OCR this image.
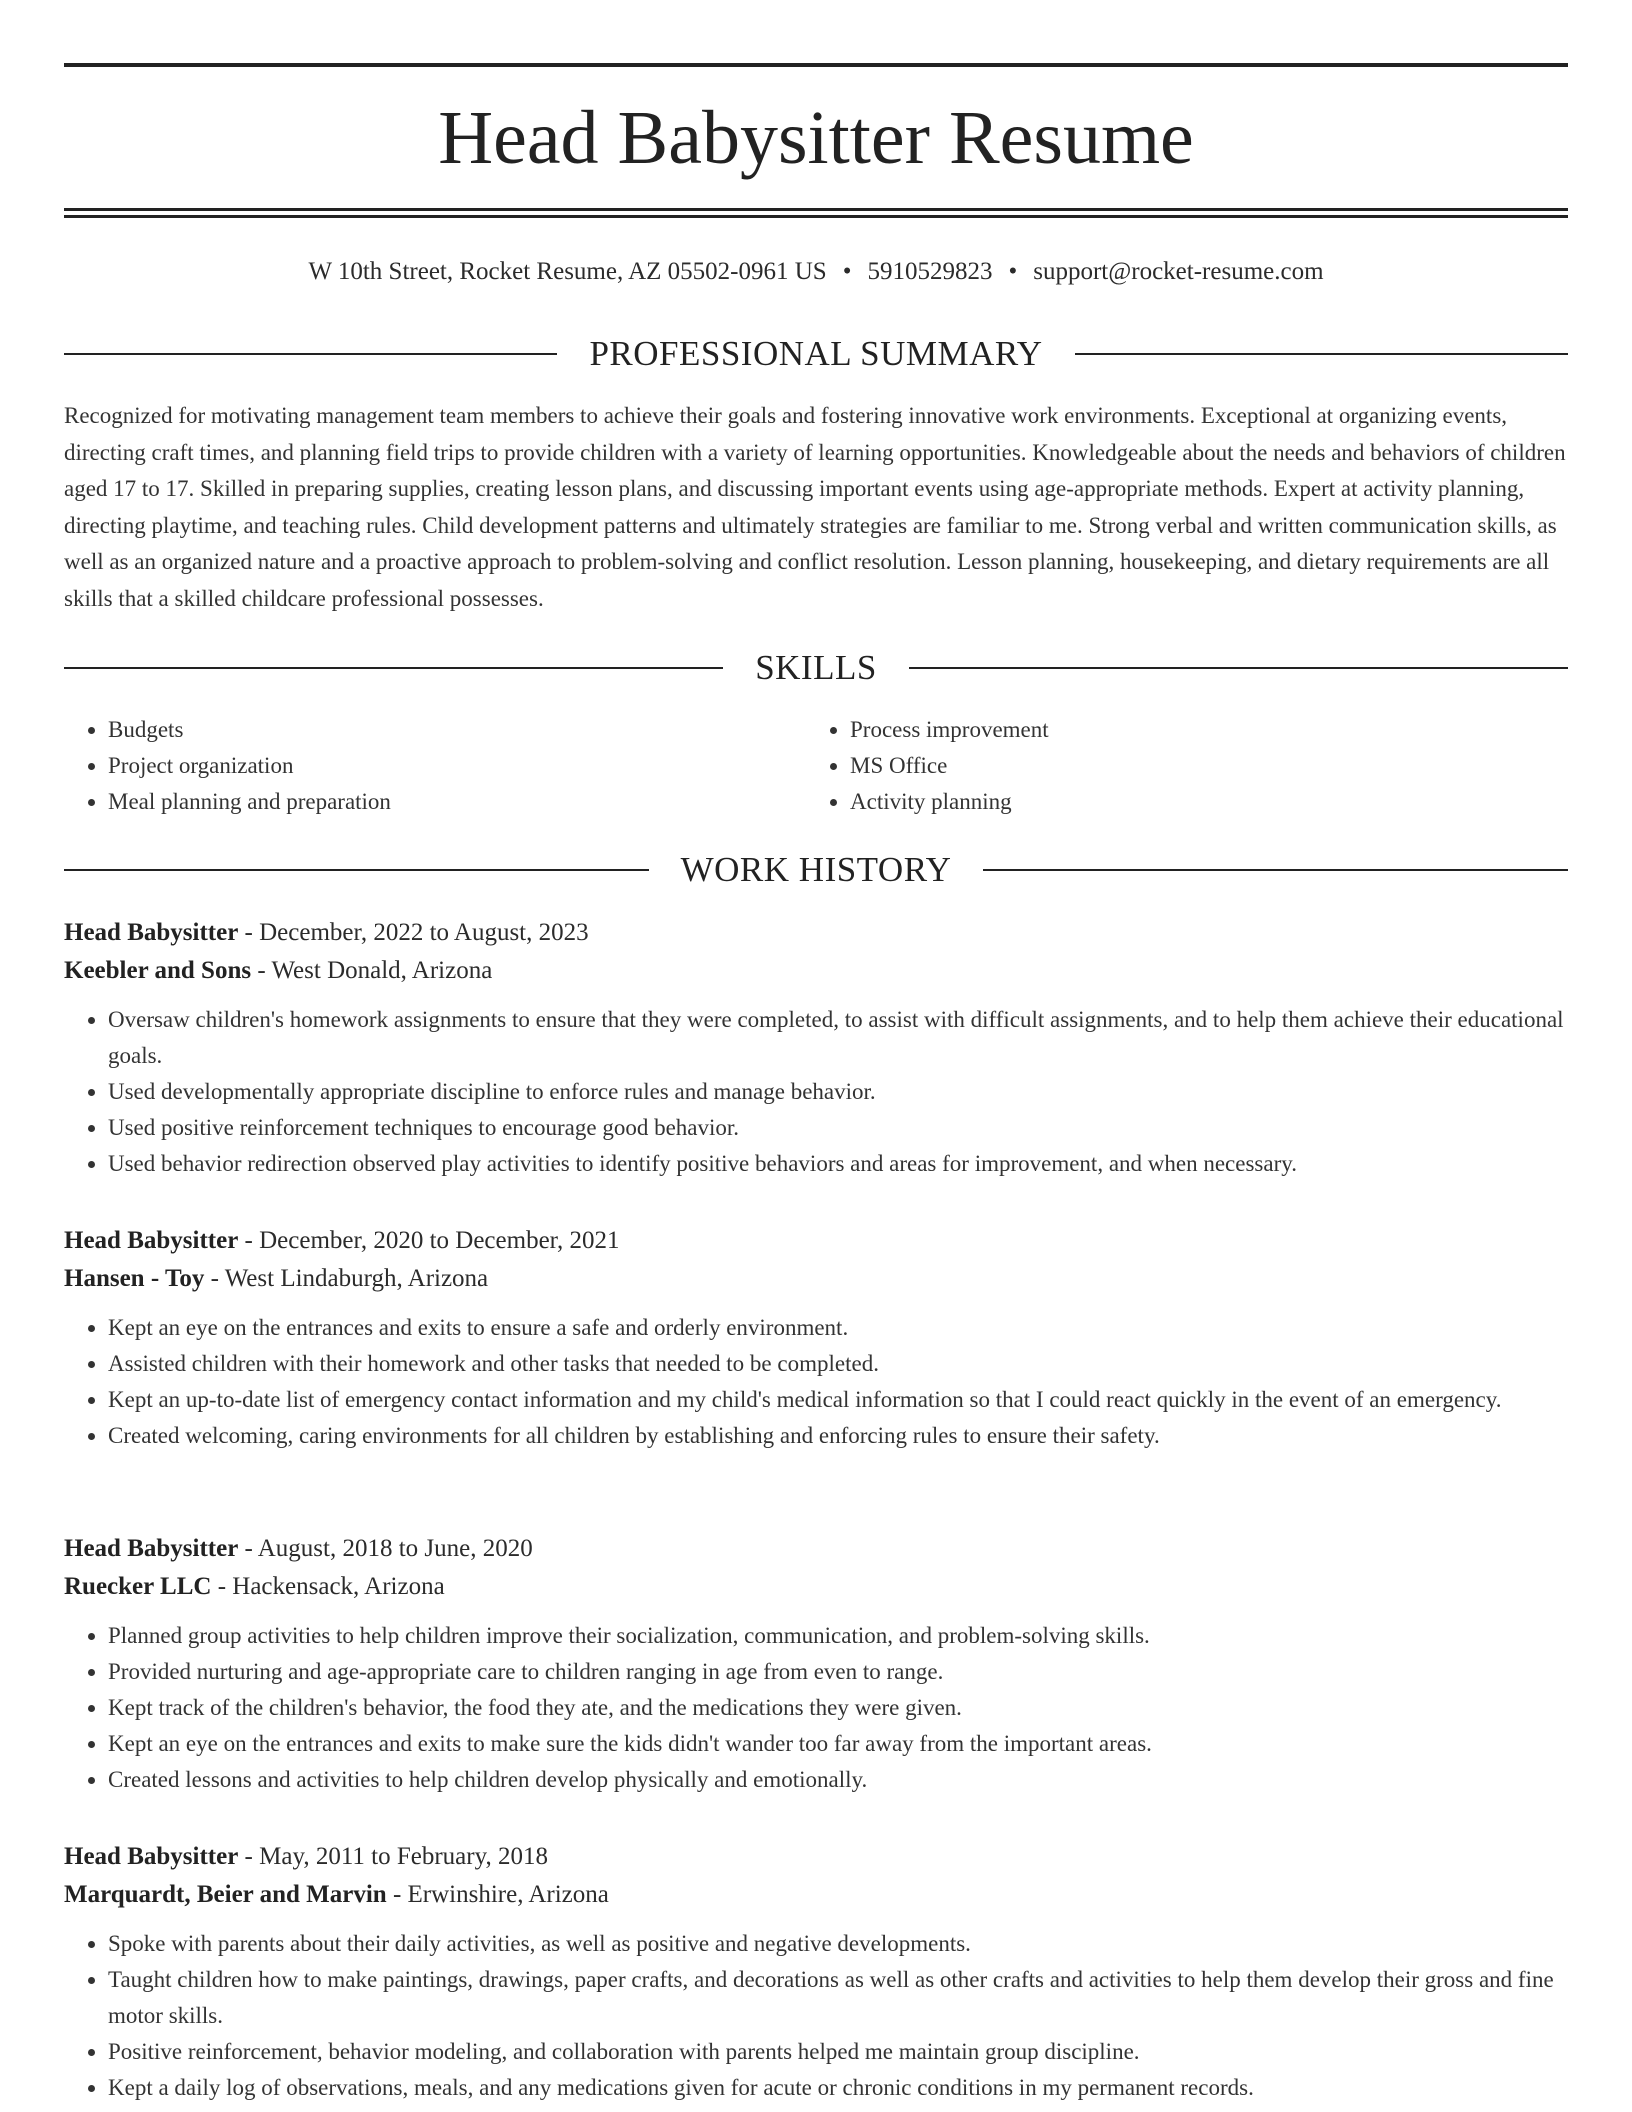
Head Babysitter Resume
W 10th Street, Rocket Resume, AZ 05502-0961 US • 5910529823 • support@rocket-resume.com
PROFESSIONAL SUMMARY

Recognized for motivating management team members to achieve their goals and fostering innovative work environments. Exceptional at organizing events, directing craft times, and planning field trips to provide children with a variety of learning opportunities. Knowledgeable about the needs and behaviors of children aged 17 to 17. Skilled in preparing supplies, creating lesson plans, and discussing important events using age-appropriate methods. Expert at activity planning, directing playtime, and teaching rules. Child development patterns and ultimately strategies are familiar to me. Strong verbal and written communication skills, as well as an organized nature and a proactive approach to problem-solving and conflict resolution. Lesson planning, housekeeping, and dietary requirements are all skills that a skilled childcare professional possesses.

SKILLS
• Budgets
• Project organization
• Meal planning and preparation
• Process improvement
• MS Office
• Activity planning
WORK HISTORY
Head Babysitter - December, 2022 to August, 2023
Keebler and Sons - West Donald, Arizona
• Oversaw children's homework assignments to ensure that they were completed, to assist with difficult assignments, and to help them achieve their educational goals.
• Used developmentally appropriate discipline to enforce rules and manage behavior.
• Used positive reinforcement techniques to encourage good behavior.
• Used behavior redirection observed play activities to identify positive behaviors and areas for improvement, and when necessary.
Head Babysitter - December, 2020 to December, 2021
Hansen - Toy - West Lindaburgh, Arizona
• Kept an eye on the entrances and exits to ensure a safe and orderly environment.
• Assisted children with their homework and other tasks that needed to be completed.
• Kept an up-to-date list of emergency contact information and my child's medical information so that I could react quickly in the event of an emergency.
• Created welcoming, caring environments for all children by establishing and enforcing rules to ensure their safety.
Head Babysitter - August, 2018 to June, 2020
Ruecker LLC - Hackensack, Arizona
• Planned group activities to help children improve their socialization, communication, and problem-solving skills.
• Provided nurturing and age-appropriate care to children ranging in age from even to range.
• Kept track of the children's behavior, the food they ate, and the medications they were given.
• Kept an eye on the entrances and exits to make sure the kids didn't wander too far away from the important areas.
• Created lessons and activities to help children develop physically and emotionally.
Head Babysitter - May, 2011 to February, 2018
Marquardt, Beier and Marvin - Erwinshire, Arizona
• Spoke with parents about their daily activities, as well as positive and negative developments.
• Taught children how to make paintings, drawings, paper crafts, and decorations as well as other crafts and activities to help them develop their gross and fine motor skills.
• Positive reinforcement, behavior modeling, and collaboration with parents helped me maintain group discipline.
• Kept a daily log of observations, meals, and any medications given for acute or chronic conditions in my permanent records.
